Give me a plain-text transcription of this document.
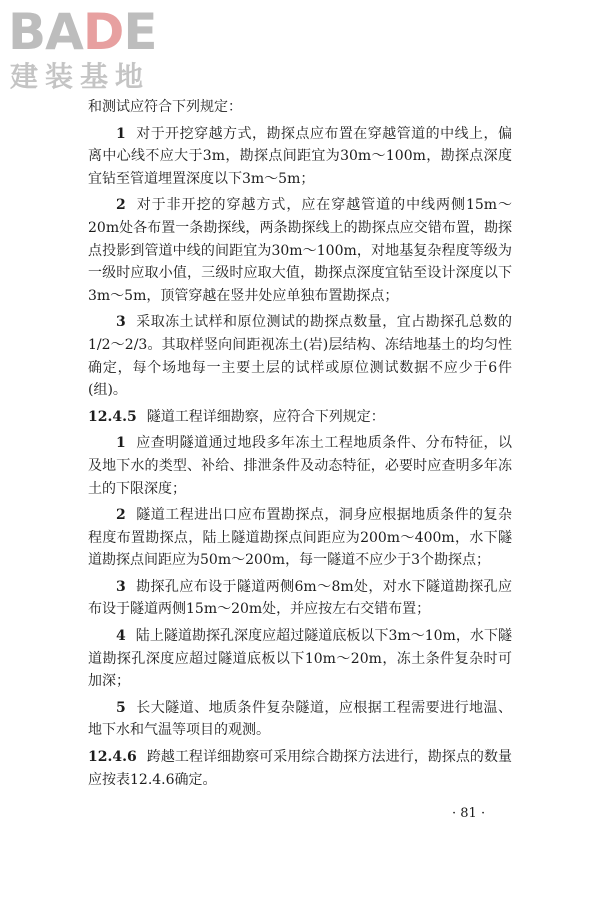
BADE
建装基地

和测试应符合下列规定：

1 对于开挖穿越方式，勘探点应布置在穿越管道的中线上，偏离中心线不应大于3m，勘探点间距宜为30m～100m，勘探点深度宜钻至管道埋置深度以下3m～5m；

2 对于非开挖的穿越方式，应在穿越管道的中线两侧15m～20m处各布置一条勘探线，两条勘探线上的勘探点应交错布置，勘探点投影到管道中线的间距宜为30m～100m，对地基复杂程度等级为一级时应取小值，三级时应取大值，勘探点深度宜钻至设计深度以下3m～5m，顶管穿越在竖井处应单独布置勘探点；

3 采取冻土试样和原位测试的勘探点数量，宜占勘探孔总数的1/2～2/3。其取样竖向间距视冻土(岩)层结构、冻结地基土的均匀性确定，每个场地每一主要土层的试样或原位测试数据不应少于6件(组)。

12.4.5 隧道工程详细勘察，应符合下列规定：

1 应查明隧道通过地段多年冻土工程地质条件、分布特征，以及地下水的类型、补给、排泄条件及动态特征，必要时应查明多年冻土的下限深度；

2 隧道工程进出口应布置勘探点，洞身应根据地质条件的复杂程度布置勘探点，陆上隧道勘探点间距应为200m～400m，水下隧道勘探点间距应为50m～200m，每一隧道不应少于3个勘探点；

3 勘探孔应布设于隧道两侧6m～8m处，对水下隧道勘探孔应布设于隧道两侧15m～20m处，并应按左右交错布置；

4 陆上隧道勘探孔深度应超过隧道底板以下3m～10m，水下隧道勘探孔深度应超过隧道底板以下10m～20m，冻土条件复杂时可加深；

5 长大隧道、地质条件复杂隧道，应根据工程需要进行地温、地下水和气温等项目的观测。

12.4.6 跨越工程详细勘察可采用综合勘探方法进行，勘探点的数量应按表12.4.6确定。

· 81 ·
